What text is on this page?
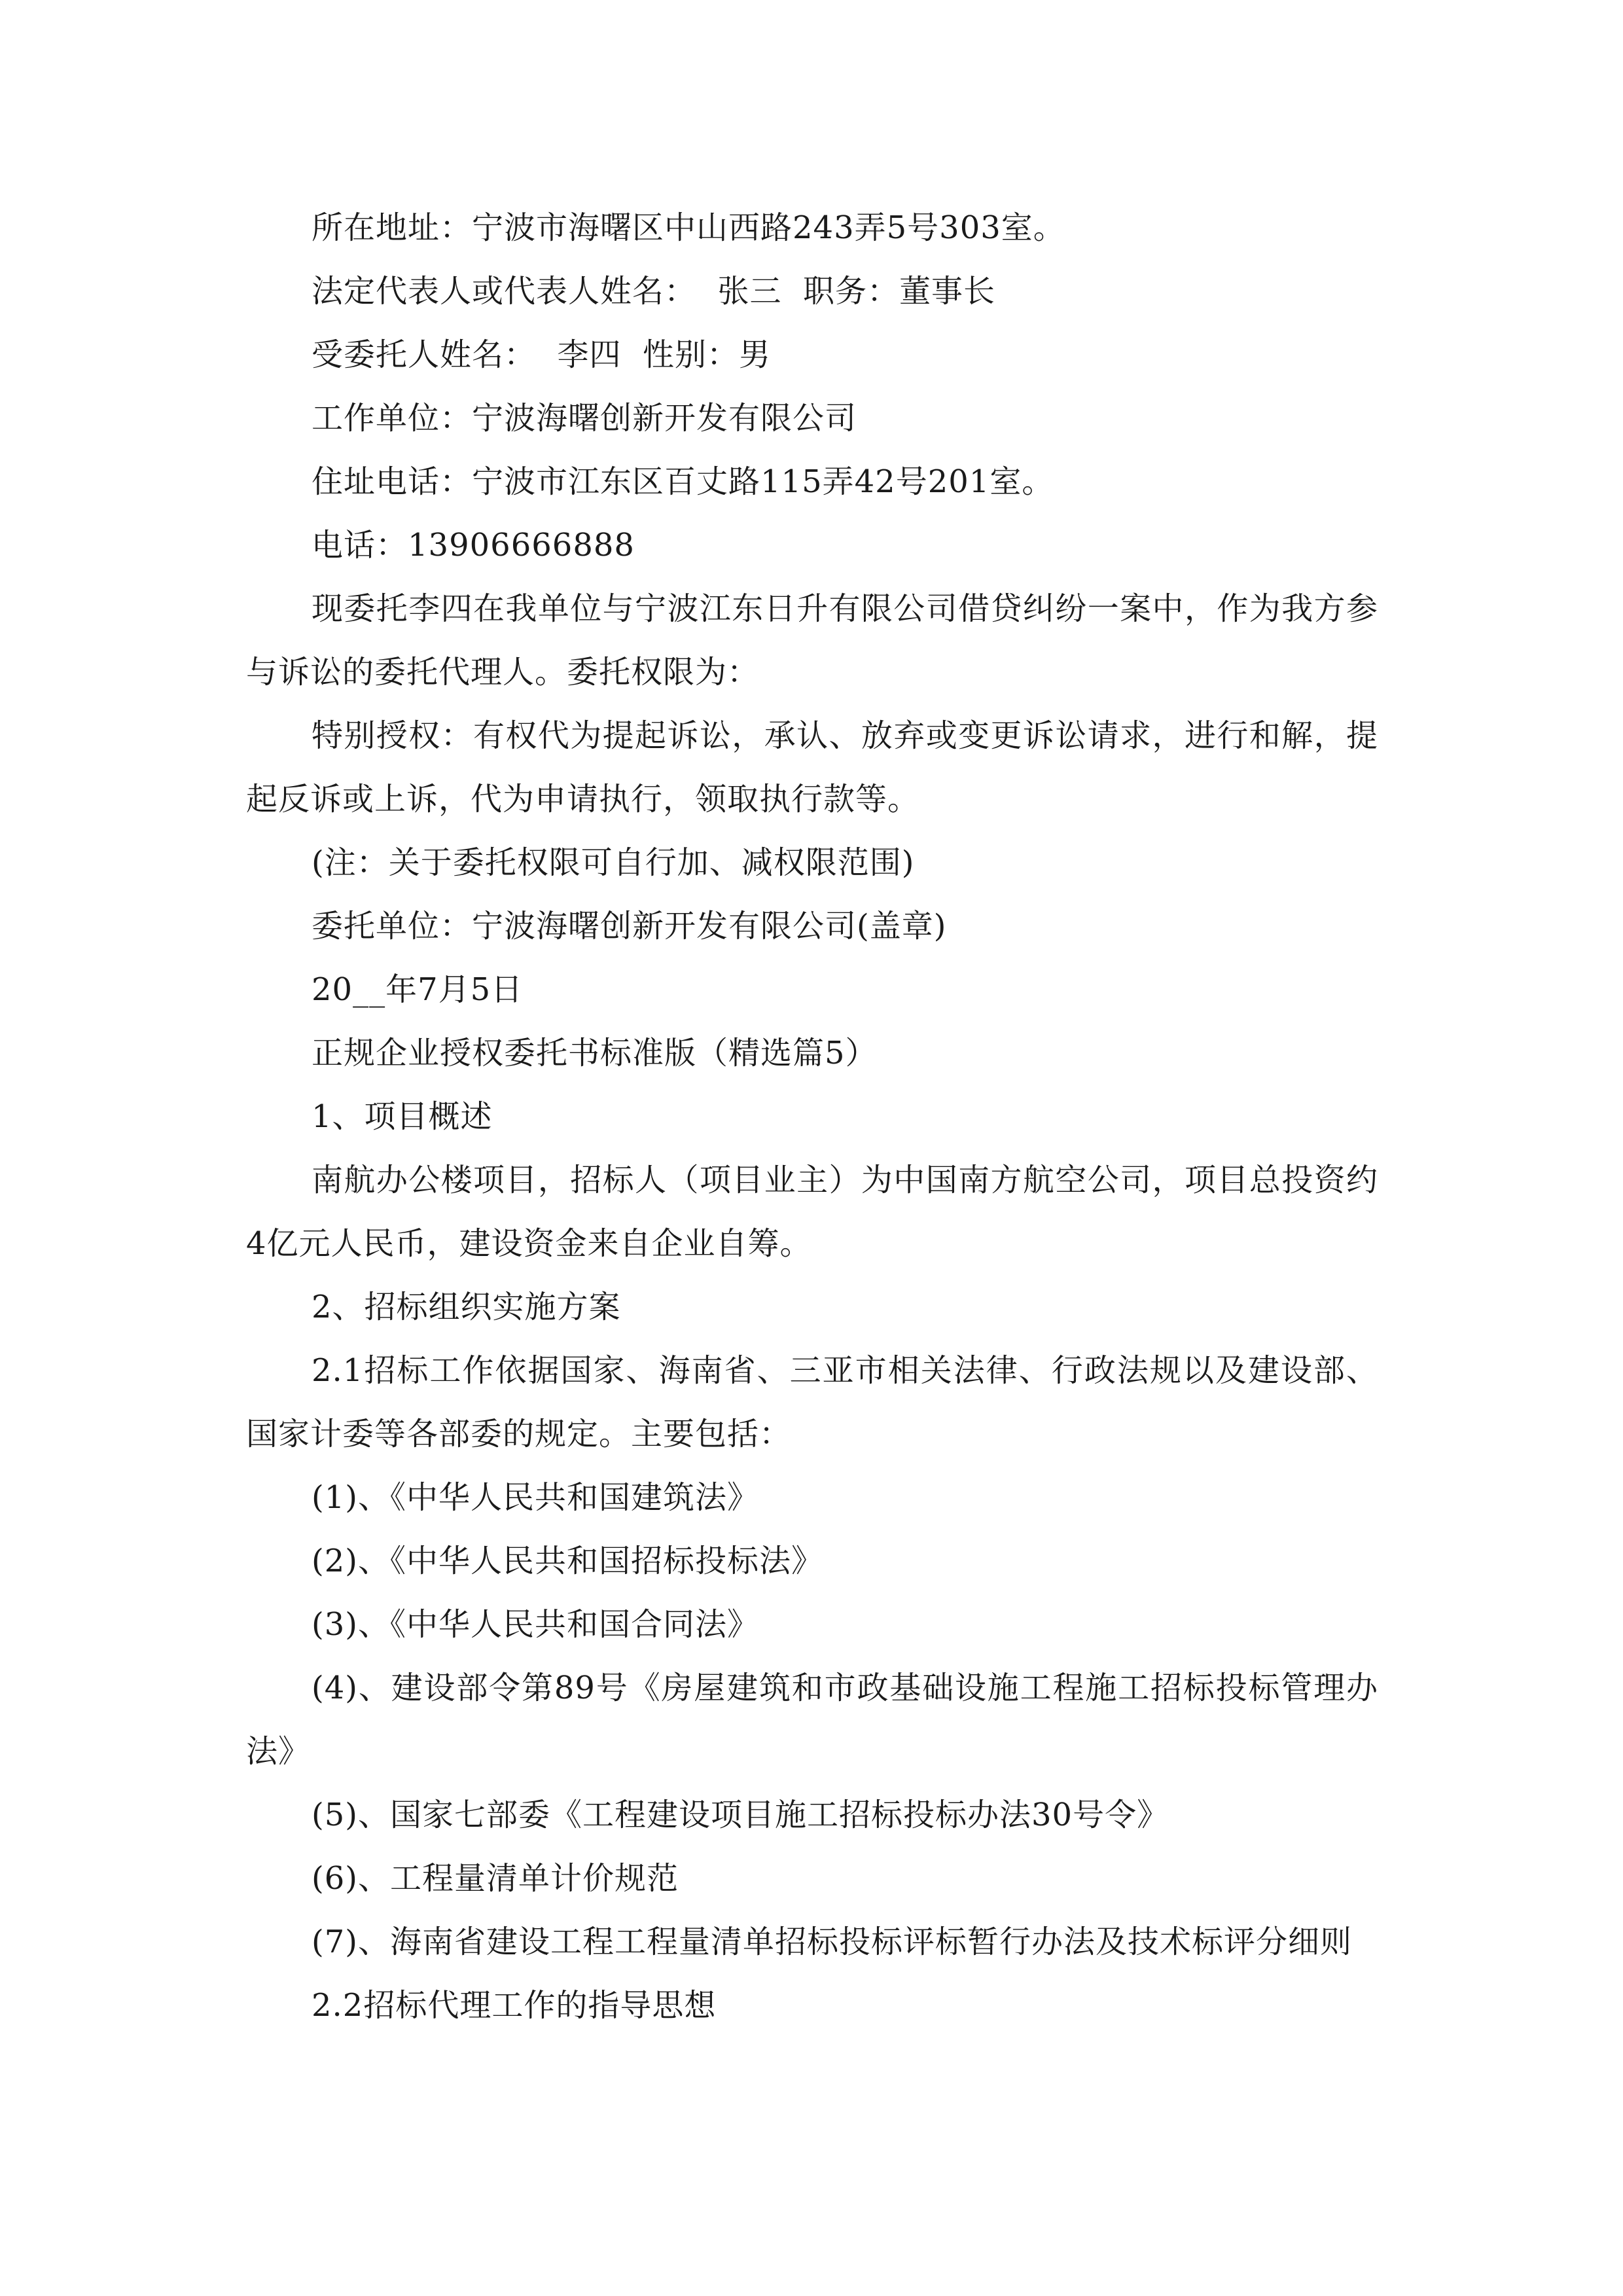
所在地址：宁波市海曙区中山西路243弄5号303室。

法定代表人或代表人姓名：  张三  职务：董事长

受委托人姓名：  李四  性别：男

工作单位：宁波海曙创新开发有限公司

住址电话：宁波市江东区百丈路115弄42号201室。

电话：13906666888

现委托李四在我单位与宁波江东日升有限公司借贷纠纷一案中，作为我方参与诉讼的委托代理人。委托权限为：

特别授权：有权代为提起诉讼，承认、放弃或变更诉讼请求，进行和解，提起反诉或上诉，代为申请执行，领取执行款等。

(注：关于委托权限可自行加、减权限范围)

委托单位：宁波海曙创新开发有限公司(盖章)

20__年7月5日

正规企业授权委托书标准版（精选篇5）

1、项目概述

南航办公楼项目，招标人（项目业主）为中国南方航空公司，项目总投资约4亿元人民币，建设资金来自企业自筹。

2、招标组织实施方案

2.1招标工作依据国家、海南省、三亚市相关法律、行政法规以及建设部、国家计委等各部委的规定。主要包括：

(1)、《中华人民共和国建筑法》

(2)、《中华人民共和国招标投标法》

(3)、《中华人民共和国合同法》

(4)、建设部令第89号《房屋建筑和市政基础设施工程施工招标投标管理办法》

(5)、国家七部委《工程建设项目施工招标投标办法30号令》

(6)、工程量清单计价规范

(7)、海南省建设工程工程量清单招标投标评标暂行办法及技术标评分细则

2.2招标代理工作的指导思想
